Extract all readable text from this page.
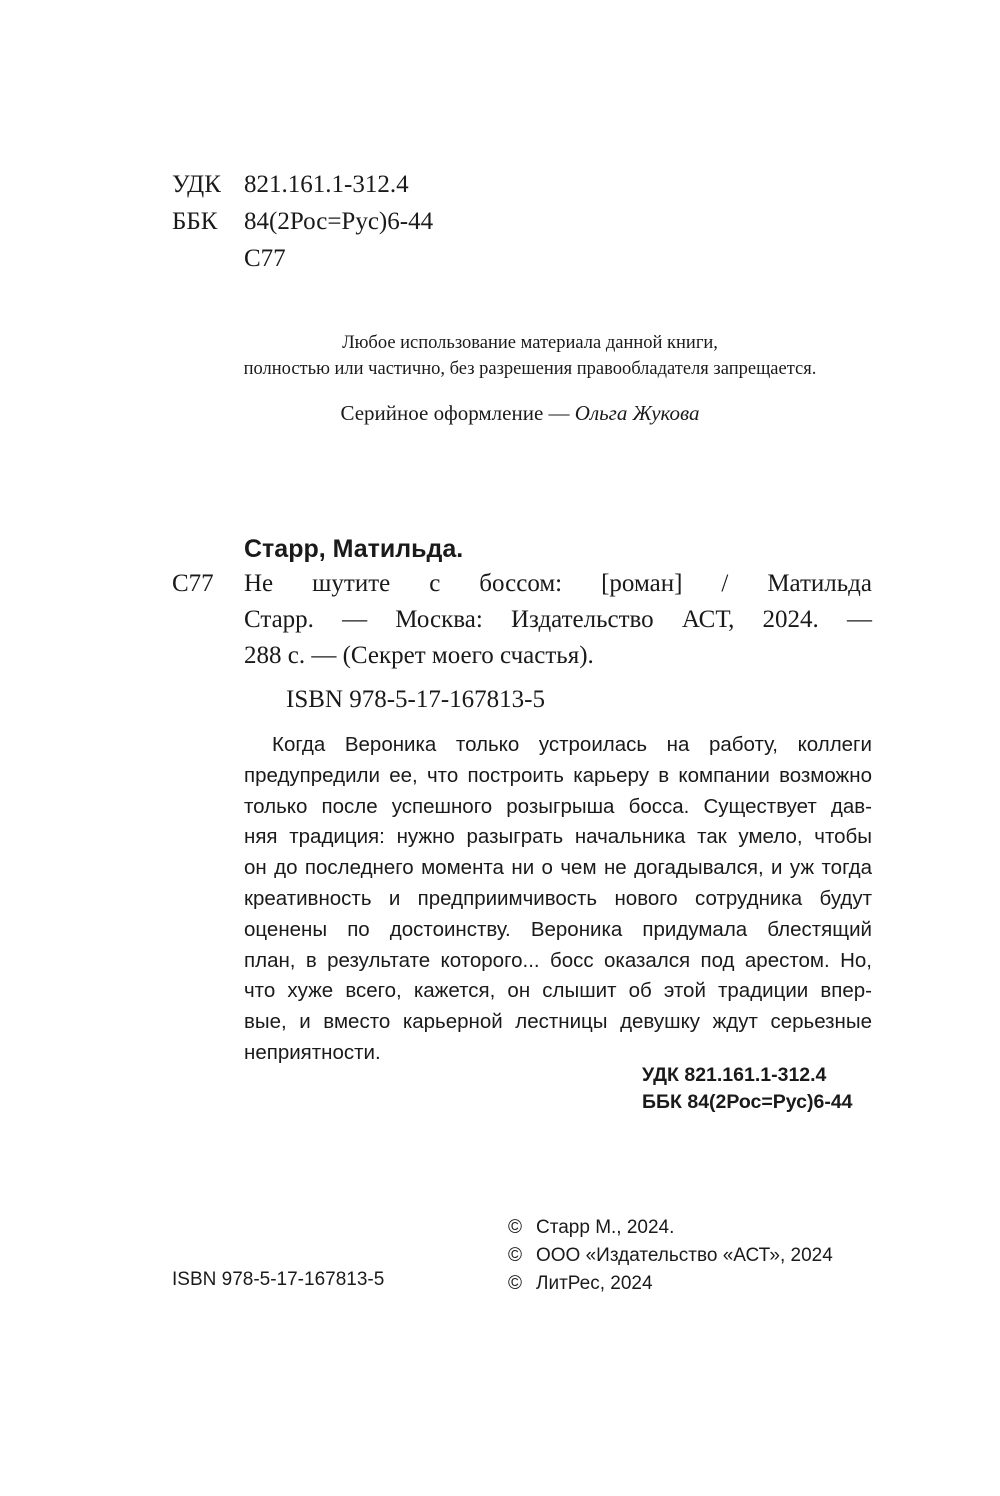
УДК 821.161.1-312.4
ББК	84(2Рос=Рус)6-44
С77
Любое использование материала данной книги,
полностью или частично, без разрешения правообладателя запрещается.
Серийное оформление — Ольга Жукова
Старр, Матильда.
С77 Не шутите с боссом: [роман] / Матильда
Старр. — Москва: Издательство АСТ, 2024. —
288 с. — (Секрет моего счастья).
ISBN 978-5-17-167813-5
Когда Вероника только устроилась на работу, коллеги
предупредили ее, что построить карьеру в компании возможно
только после успешного розыгрыша босса. Существует дав-
няя традиция: нужно разыграть начальника так умело, чтобы
он до последнего момента ни о чем не догадывался, и уж тогда
креативность и предприимчивость нового сотрудника будут
оценены по достоинству. Вероника придумала блестящий
план, в результате которого... босс оказался под арестом. Но,
что хуже всего, кажется, он слышит об этой традиции впер-
вые, и вместо карьерной лестницы девушку ждут серьезные
неприятности.
УДК 821.161.1-312.4
ББК 84(2Рос=Рус)6-44
ISBN 978-5-17-167813-5
© Старр М., 2024.
© ООО «Издательство «АСТ», 2024
© ЛитРес, 2024
